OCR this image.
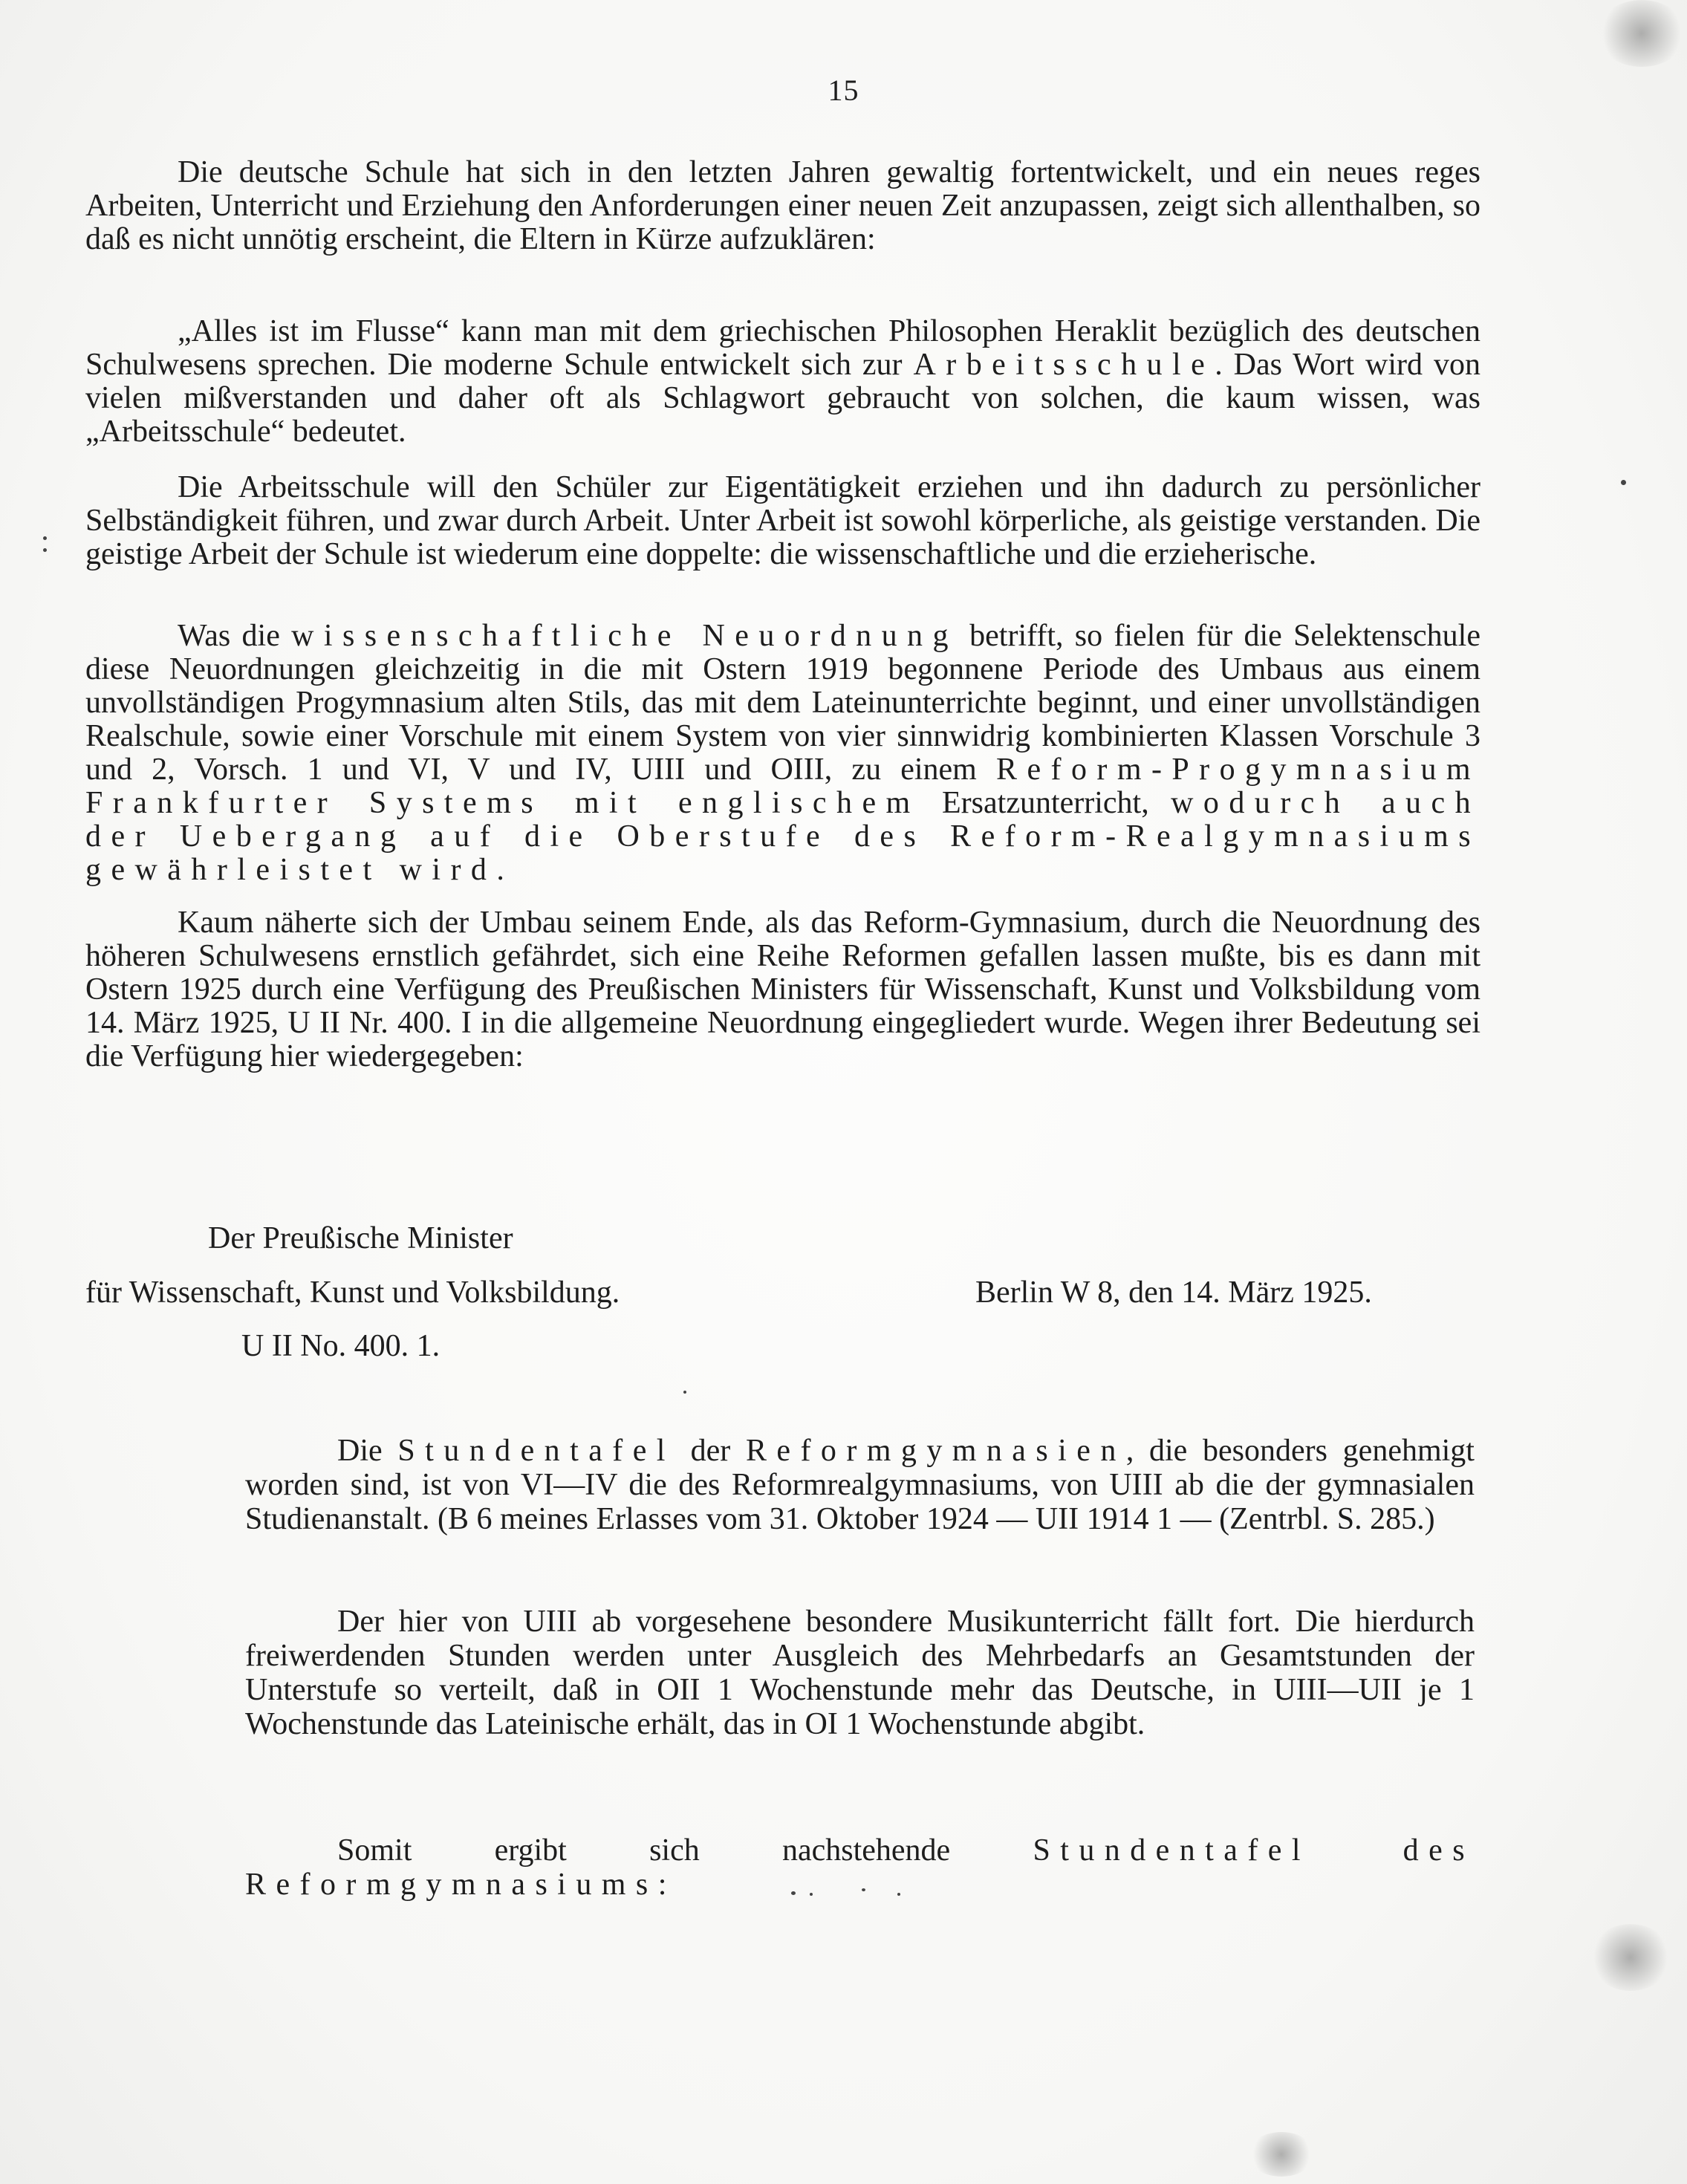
15

Die deutsche Schule hat sich in den letzten Jahren gewaltig fortentwickelt, und ein neues reges Arbeiten, Unterricht und Erziehung den Anforderungen einer neuen Zeit anzupassen, zeigt sich allenthalben, so daß es nicht unnötig erscheint, die Eltern in Kürze aufzuklären:

„Alles ist im Flusse“ kann man mit dem griechischen Philosophen Heraklit bezüglich des deutschen Schulwesens sprechen. Die moderne Schule entwickelt sich zur Arbeitsschule. Das Wort wird von vielen mißverstanden und daher oft als Schlagwort gebraucht von solchen, die kaum wissen, was „Arbeitsschule“ bedeutet.

Die Arbeitsschule will den Schüler zur Eigentätigkeit erziehen und ihn dadurch zu persönlicher Selbständigkeit führen, und zwar durch Arbeit. Unter Arbeit ist sowohl körperliche, als geistige verstanden. Die geistige Arbeit der Schule ist wiederum eine doppelte: die wissenschaftliche und die erzieherische.

Was die wissenschaftliche Neuordnung betrifft, so fielen für die Selektenschule diese Neuordnungen gleichzeitig in die mit Ostern 1919 begonnene Periode des Umbaus aus einem unvollständigen Progymnasium alten Stils, das mit dem Lateinunterrichte beginnt, und einer unvollständigen Realschule, sowie einer Vorschule mit einem System von vier sinnwidrig kombinierten Klassen Vorschule 3 und 2, Vorsch. 1 und VI, V und IV, UIII und OIII, zu einem Reform-Progymnasium Frankfurter Systems mit englischem Ersatzunterricht, wodurch auch der Uebergang auf die Oberstufe des Reform-Realgymnasiums gewährleistet wird.

Kaum näherte sich der Umbau seinem Ende, als das Reform-Gymnasium, durch die Neuordnung des höheren Schulwesens ernstlich gefährdet, sich eine Reihe Reformen gefallen lassen mußte, bis es dann mit Ostern 1925 durch eine Verfügung des Preußischen Ministers für Wissenschaft, Kunst und Volksbildung vom 14. März 1925, U II Nr. 400. I in die allgemeine Neuordnung eingegliedert wurde. Wegen ihrer Bedeutung sei die Verfügung hier wiedergegeben:

Der Preußische Minister
für Wissenschaft, Kunst und Volksbildung.	Berlin W 8, den 14. März 1925.
U II No. 400. 1.

Die Stundentafel der Reformgymnasien, die besonders genehmigt worden sind, ist von VI—IV die des Reformrealgymnasiums, von UIII ab die der gymnasialen Studienanstalt. (B 6 meines Erlasses vom 31. Oktober 1924 — UII 1914 1 — (Zentrbl. S. 285.)

Der hier von UIII ab vorgesehene besondere Musikunterricht fällt fort. Die hierdurch freiwerdenden Stunden werden unter Ausgleich des Mehrbedarfs an Gesamtstunden der Unterstufe so verteilt, daß in OII 1 Wochenstunde mehr das Deutsche, in UIII—UII je 1 Wochenstunde das Lateinische erhält, das in OI 1 Wochenstunde abgibt.

Somit ergibt sich nachstehende Stundentafel des Reformgymnasiums:
